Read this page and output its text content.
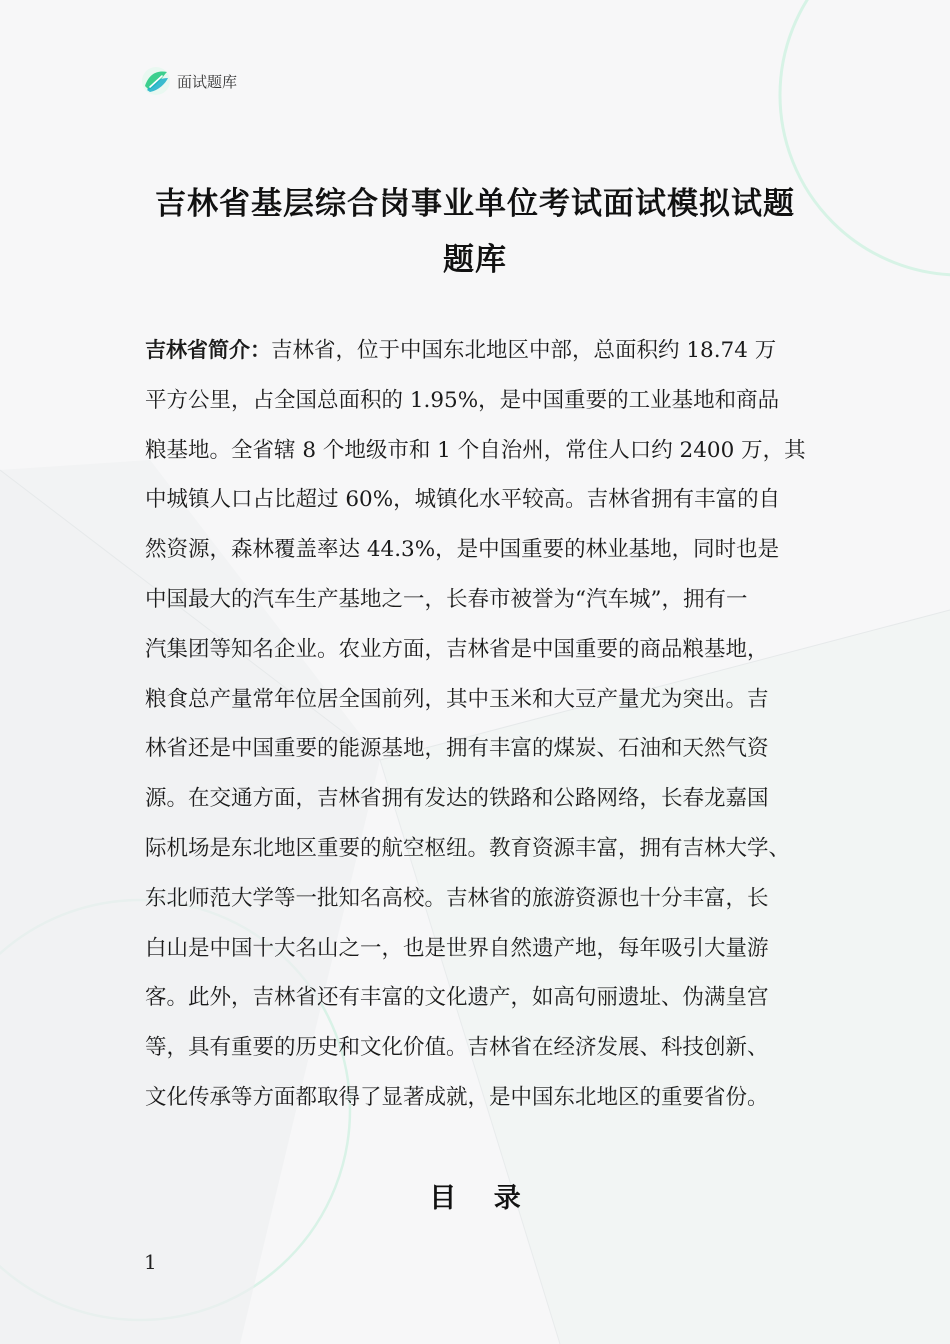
面试题库
吉林省基层综合岗事业单位考试面试模拟试题
题库
吉林省简介：吉林省，位于中国东北地区中部，总面积约 18.74 万
平方公里，占全国总面积的 1.95%，是中国重要的工业基地和商品
粮基地。全省辖 8 个地级市和 1 个自治州，常住人口约 2400 万，其
中城镇人口占比超过 60%，城镇化水平较高。吉林省拥有丰富的自
然资源，森林覆盖率达 44.3%，是中国重要的林业基地，同时也是
中国最大的汽车生产基地之一，长春市被誉为“汽车城”，拥有一
汽集团等知名企业。农业方面，吉林省是中国重要的商品粮基地，
粮食总产量常年位居全国前列，其中玉米和大豆产量尤为突出。吉
林省还是中国重要的能源基地，拥有丰富的煤炭、石油和天然气资
源。在交通方面，吉林省拥有发达的铁路和公路网络，长春龙嘉国
际机场是东北地区重要的航空枢纽。教育资源丰富，拥有吉林大学、
东北师范大学等一批知名高校。吉林省的旅游资源也十分丰富，长
白山是中国十大名山之一，也是世界自然遗产地，每年吸引大量游
客。此外，吉林省还有丰富的文化遗产，如高句丽遗址、伪满皇宫
等，具有重要的历史和文化价值。吉林省在经济发展、科技创新、
文化传承等方面都取得了显著成就，是中国东北地区的重要省份。
目    录
1
